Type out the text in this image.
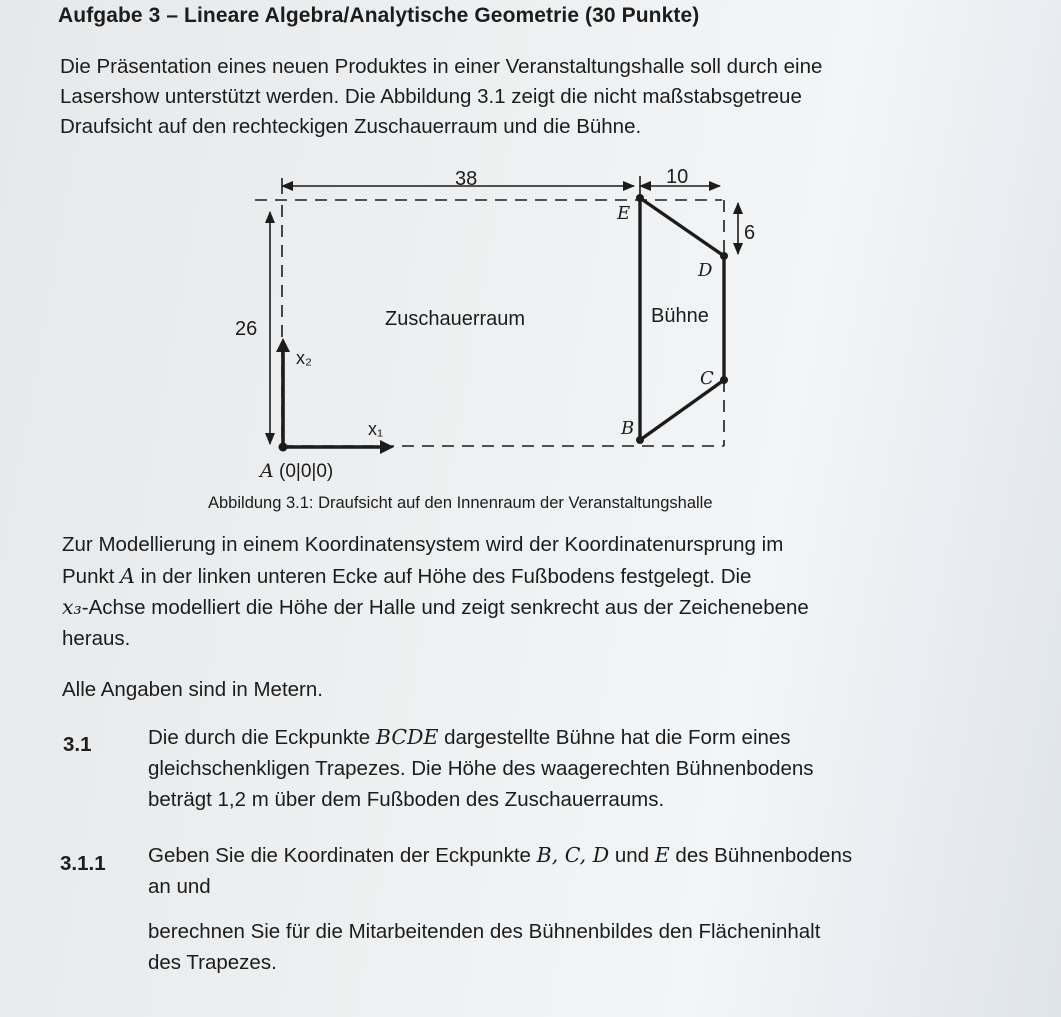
Aufgabe 3 – Lineare Algebra/Analytische Geometrie (30 Punkte)
Die Präsentation eines neuen Produktes in einer Veranstaltungshalle soll durch eine
Lasershow unterstützt werden. Die Abbildung 3.1 zeigt die nicht maßstabsgetreue
Draufsicht auf den rechteckigen Zuschauerraum und die Bühne.
38	10
26
6
Zuschauerraum	Bühne
x₂
x₁
E
D
C
B
A (0|0|0)
Abbildung 3.1: Draufsicht auf den Innenraum der Veranstaltungshalle
Zur Modellierung in einem Koordinatensystem wird der Koordinatenursprung im
Punkt A in der linken unteren Ecke auf Höhe des Fußbodens festgelegt. Die
x₃-Achse modelliert die Höhe der Halle und zeigt senkrecht aus der Zeichenebene
heraus.
Alle Angaben sind in Metern.
3.1	Die durch die Eckpunkte BCDE dargestellte Bühne hat die Form eines
gleichschenkligen Trapezes. Die Höhe des waagerechten Bühnenbodens
beträgt 1,2 m über dem Fußboden des Zuschauerraums.
3.1.1 Geben Sie die Koordinaten der Eckpunkte B, C, D und E des Bühnenbodens
an und
berechnen Sie für die Mitarbeitenden des Bühnenbildes den Flächeninhalt
des Trapezes.
